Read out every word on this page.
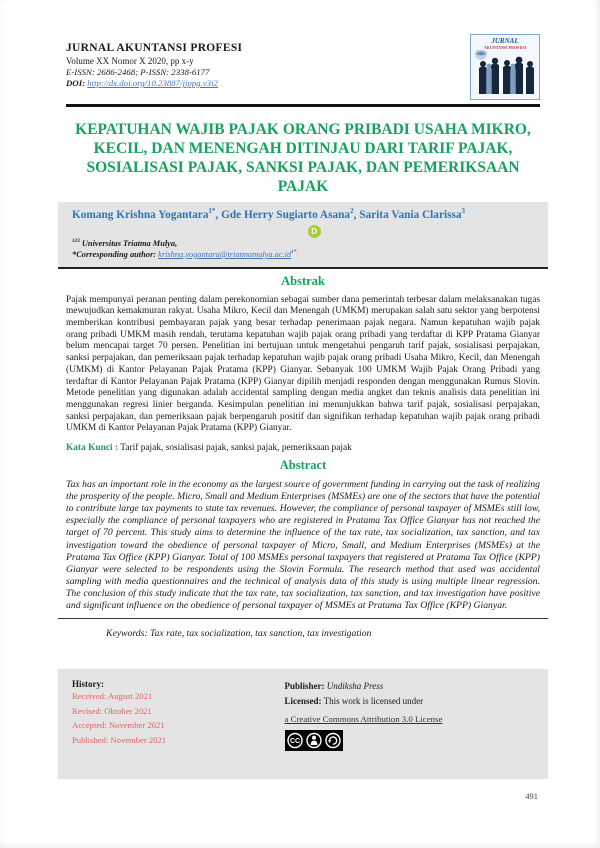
JURNAL AKUNTANSI PROFESI
Volume XX Nomor X 2020, pp x-y
E-ISSN: 2686-2468; P-ISSN: 2338-6177
DOI: http://dx.doi.org/10.23887/jippg.v3i2
JURNAL
AKUNTANSI PROFESI
KEPATUHAN WAJIB PAJAK ORANG PRIBADI USAHA MIKRO, KECIL, DAN MENENGAH DITINJAU DARI TARIF PAJAK, SOSIALISASI PAJAK, SANKSI PAJAK, DAN PEMERIKSAAN PAJAK
Komang Krishna Yogantara$^{1*}$, Gde Herry Sugiarto Asana$^2$, Sarita Vania Clarissa$^3$
D
$^{123}$ Universitas Triatma Mulya,
*Corresponding author: $krishna.yogantara@triatmamulya.ac.id^{1*}$
Abstrak

Pajak mempunyai peranan penting dalam perekonomian sebagai sumber dana pemerintah terbesar dalam melaksanakan tugas mewujudkan kemakmuran rakyat. Usaha Mikro, Kecil dan Menengah (UMKM) merupakan salah satu sektor yang berpotensi memberikan kontribusi pembayaran pajak yang besar terhadap penerimaan pajak negara. Namun kepatuhan wajib pajak orang pribadi UMKM masih rendah, terutama kepatuhan wajib pajak orang pribadi yang terdaftar di KPP Pratama Gianyar belum mencapai target 70 persen. Penelitian ini bertujuan untuk mengetahui pengaruh tarif pajak, sosialisasi perpajakan, sanksi perpajakan, dan pemeriksaan pajak terhadap kepatuhan wajib pajak orang pribadi Usaha Mikro, Kecil, dan Menengah (UMKM) di Kantor Pelayanan Pajak Pratama (KPP) Gianyar. Sebanyak 100 UMKM Wajib Pajak Orang Pribadi yang terdaftar di Kantor Pelayanan Pajak Pratama (KPP) Gianyar dipilih menjadi responden dengan menggunakan Rumus Slovin. Metode penelitian yang digunakan adalah accidental sampling dengan media angket dan teknis analisis data penelitian ini menggunakan regresi linier berganda. Kesimpulan penelitian ini menunjukkan bahwa tarif pajak, sosialisasi perpajakan, sanksi perpajakan, dan pemeriksaan pajak berpengaruh positif dan signifikan terhadap kepatuhan wajib pajak orang pribadi UMKM di Kantor Pelayanan Pajak Pratama (KPP) Gianyar.

Kata Kunci : Tarif pajak, sosialisasi pajak, sanksi pajak, pemeriksaan pajak

Abstract

Tax has an important role in the economy as the largest source of government funding in carrying out the task of realizing the prosperity of the people. Micro, Small and Medium Enterprises (MSMEs) are one of the sectors that have the potential to contribute large tax payments to state tax revenues. However, the compliance of personal taxpayer of MSMEs still low, especially the compliance of personal taxpayers who are registered in Pratama Tax Office Gianyar has not reached the target of 70 percent. This study aims to determine the influence of the tax rate, tax socialization, tax sanction, and tax investigation toward the obedience of personal taxpayer of Micro, Small, and Medium Enterprises (MSMEs) at the Pratama Tax Office (KPP) Gianyar. Total of 100 MSMEs personal taxpayers that registered at Pratama Tax Office (KPP) Gianyar were selected to be respondents using the Slovin Formula. The research method that used was accidental sampling with media questionnaires and the technical of analysis data of this study is using multiple linear regression. The conclusion of this study indicate that the tax rate, tax socialization, tax sanction, and tax investigation have positive and significant influence on the obedience of personal taxpayer of MSMEs at Pratama Tax Office (KPP) Gianyar.

Keywords: Tax rate, tax socialization, tax sanction, tax investigation

History:
Received: August 2021
Revised: Oktober 2021
Accepted: November 2021
Published: November 2021
Publisher: Undiksha Press
Licensed: This work is licensed under
a Creative Commons Attribution 3.0 License
CC
491
